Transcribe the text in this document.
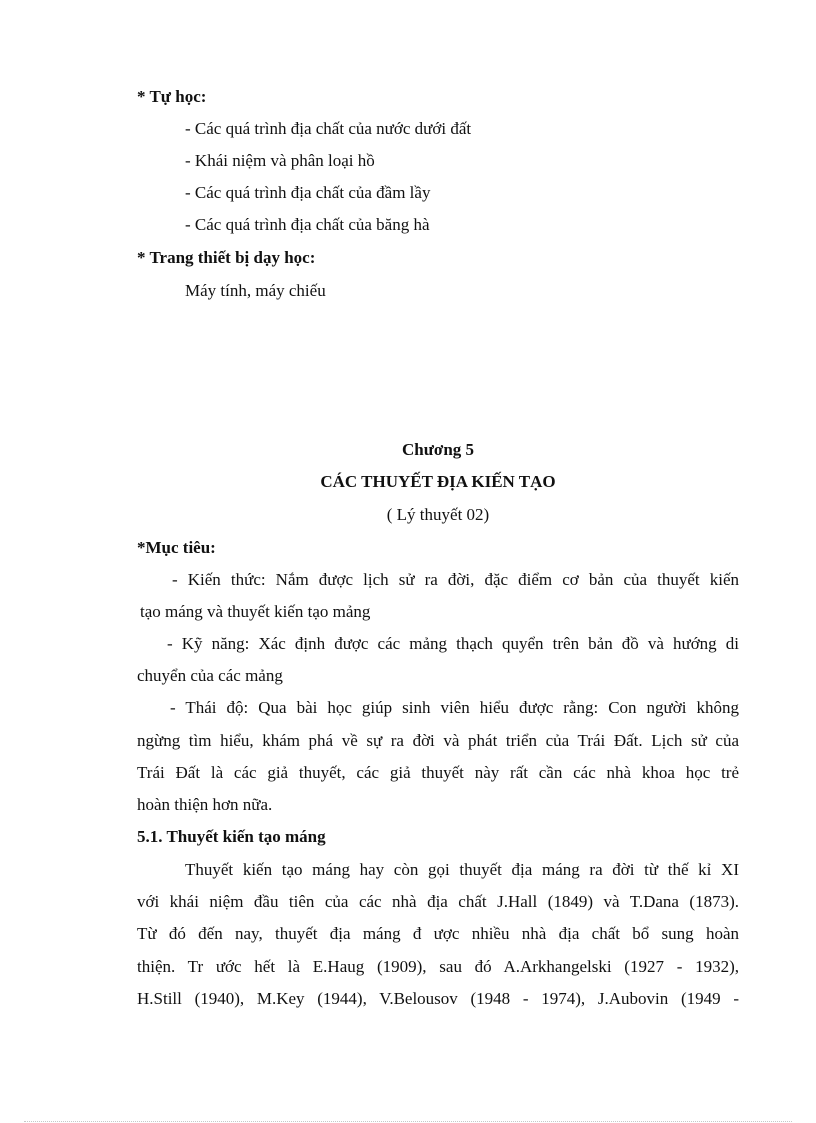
* Tự học:
- Các quá trình địa chất của nước dưới đất
- Khái niệm và phân loại hồ
- Các quá trình địa chất của đầm lầy
- Các quá trình địa chất của băng hà
* Trang thiết bị dạy học:
Máy tính, máy chiếu
Chương 5
CÁC THUYẾT ĐỊA KIẾN TẠO
( Lý thuyết 02)
*Mục tiêu:
- Kiến thức: Nắm được lịch sử ra đời, đặc điểm cơ bản của thuyết kiến
tạo máng và thuyết kiến tạo mảng
- Kỹ năng: Xác định được các mảng thạch quyển trên bản đồ và hướng di
chuyển của các mảng
- Thái độ: Qua bài học giúp sinh viên hiểu được rằng: Con người không
ngừng tìm hiểu, khám phá về sự ra đời và phát triển của Trái Đất. Lịch sử của
Trái Đất là các giả thuyết, các giả thuyết này rất cần các nhà khoa học trẻ
hoàn thiện hơn nữa.
5.1. Thuyết kiến tạo máng
Thuyết kiến tạo máng hay còn gọi thuyết địa máng ra đời từ thế kỉ XI
với khái niệm đầu tiên của các nhà địa chất J.Hall (1849) và T.Dana (1873).
Từ đó đến nay, thuyết địa máng đ ược nhiều nhà địa chất bổ sung hoàn
thiện. Tr ước hết là E.Haug (1909), sau đó A.Arkhangelski (1927 - 1932),
H.Still (1940), M.Key (1944), V.Belousov (1948 - 1974), J.Aubovin (1949 -
